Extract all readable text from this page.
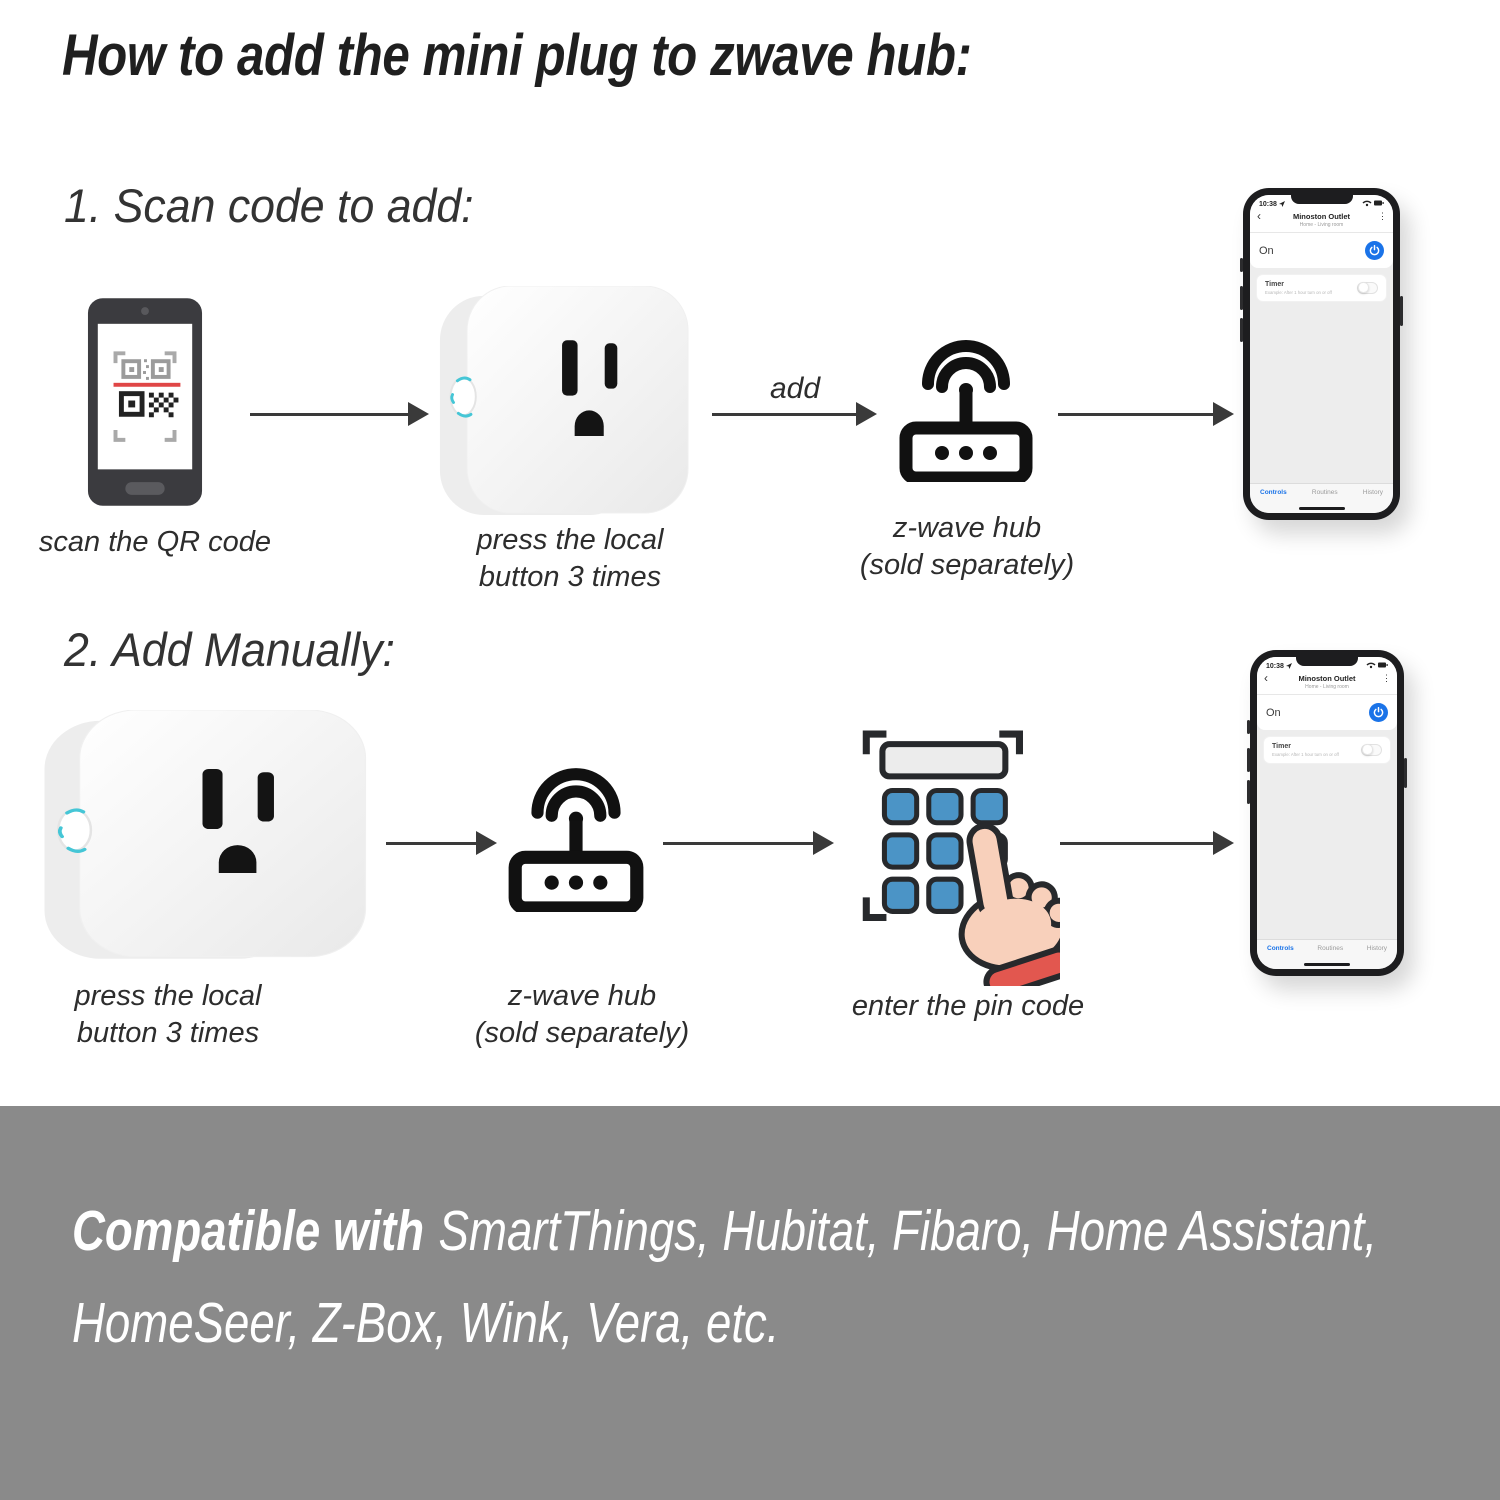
How to add the mini plug to zwave hub:
1. Scan code to add:
scan the QR code	press the local
button 3 times
add
z-wave hub
(sold separately)
10:38
‹	Minoston Outlet
Home - Living room
⋮
On
Timer
Example: After 1 hour turn on or off
Controls	Routines	History
2. Add Manually:
press the local
button 3 times
z-wave hub
(sold separately)
enter the pin code
10:38
‹	Minoston Outlet
Home - Living room
⋮
On
Timer
Example: After 1 hour turn on or off
Controls	Routines	History
Compatible with SmartThings, Hubitat, Fibaro, Home Assistant,
HomeSeer, Z-Box, Wink, Vera, etc.
